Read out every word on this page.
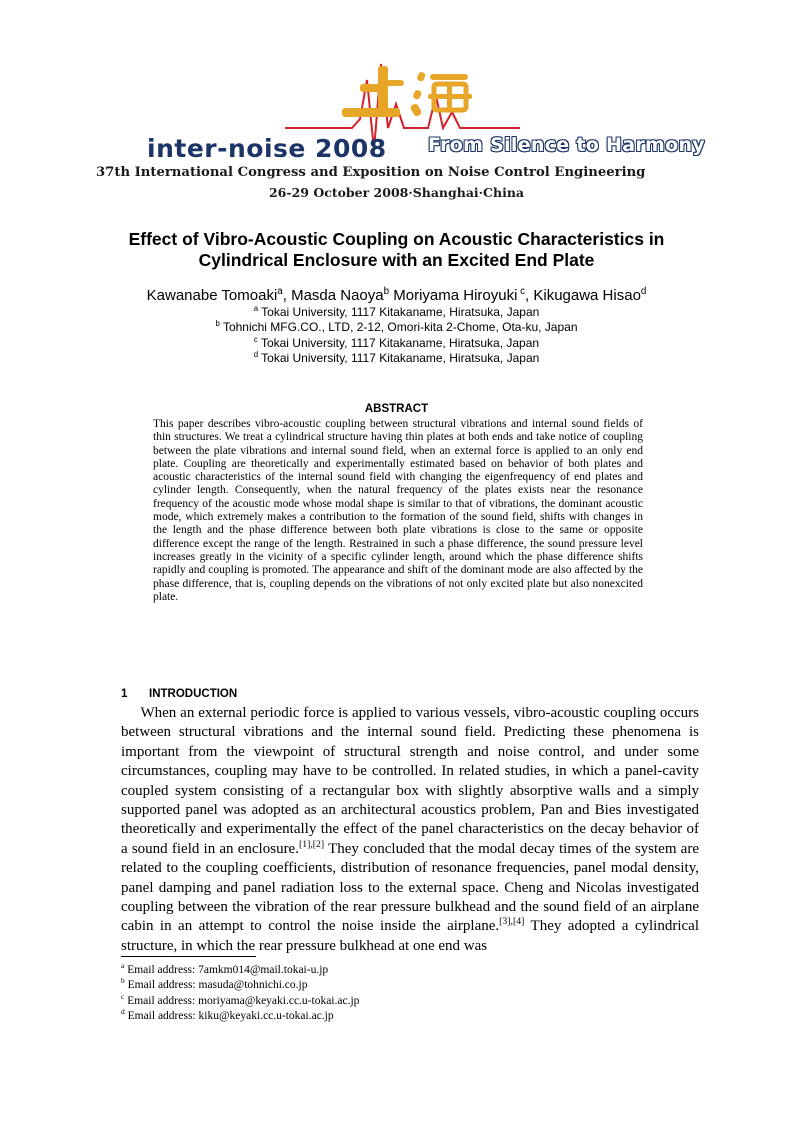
inter-noise 2008 From Silence to Harmony
37th International Congress and Exposition on Noise Control Engineering
26-29 October 2008·Shanghai·China
Effect of Vibro-Acoustic Coupling on Acoustic Characteristics in
Cylindrical Enclosure with an Excited End Plate
Kawanabe Tomoaki$^a$, Masda Naoya$^b$ Moriyama Hiroyuki $^c$, Kikugawa Hisao$^d$
$^a$ Tokai University, 1117 Kitakaname, Hiratsuka, Japan
$^b$ Tohnichi MFG.CO., LTD, 2-12, Omori-kita 2-Chome, Ota-ku, Japan
$^c$ Tokai University, 1117 Kitakaname, Hiratsuka, Japan
$^d$ Tokai University, 1117 Kitakaname, Hiratsuka, Japan
ABSTRACT
This paper describes vibro-acoustic coupling between structural vibrations and internal sound fields of thin structures. We treat a cylindrical structure having thin plates at both ends and take notice of coupling between the plate vibrations and internal sound field, when an external force is applied to an only end plate. Coupling are theoretically and experimentally estimated based on behavior of both plates and acoustic characteristics of the internal sound field with changing the eigenfrequency of end plates and cylinder length. Consequently, when the natural frequency of the plates exists near the resonance frequency of the acoustic mode whose modal shape is similar to that of vibrations, the dominant acoustic mode, which extremely makes a contribution to the formation of the sound field, shifts with changes in the length and the phase difference between both plate vibrations is close to the same or opposite difference except the range of the length. Restrained in such a phase difference, the sound pressure level increases greatly in the vicinity of a specific cylinder length, around which the phase difference shifts rapidly and coupling is promoted. The appearance and shift of the dominant mode are also affected by the phase difference, that is, coupling depends on the vibrations of not only excited plate but also nonexcited plate.
1 INTRODUCTION

When an external periodic force is applied to various vessels, vibro-acoustic coupling occurs between structural vibrations and the internal sound field. Predicting these phenomena is important from the viewpoint of structural strength and noise control, and under some circumstances, coupling may have to be controlled. In related studies, in which a panel-cavity coupled system consisting of a rectangular box with slightly absorptive walls and a simply supported panel was adopted as an architectural acoustics problem, Pan and Bies investigated theoretically and experimentally the effect of the panel characteristics on the decay behavior of a sound field in an enclosure.[1],[2] They concluded that the modal decay times of the system are related to the coupling coefficients, distribution of resonance frequencies, panel modal density, panel damping and panel radiation loss to the external space. Cheng and Nicolas investigated coupling between the vibration of the rear pressure bulkhead and the sound field of an airplane cabin in an attempt to control the noise inside the airplane.[3],[4] They adopted a cylindrical structure, in which the rear pressure bulkhead at one end was

$^a$ Email address: 7amkm014@mail.tokai-u.jp
$^b$ Email address: masuda@tohnichi.co.jp
$^c$ Email address: moriyama@keyaki.cc.u-tokai.ac.jp
$^d$ Email address: kiku@keyaki.cc.u-tokai.ac.jp
